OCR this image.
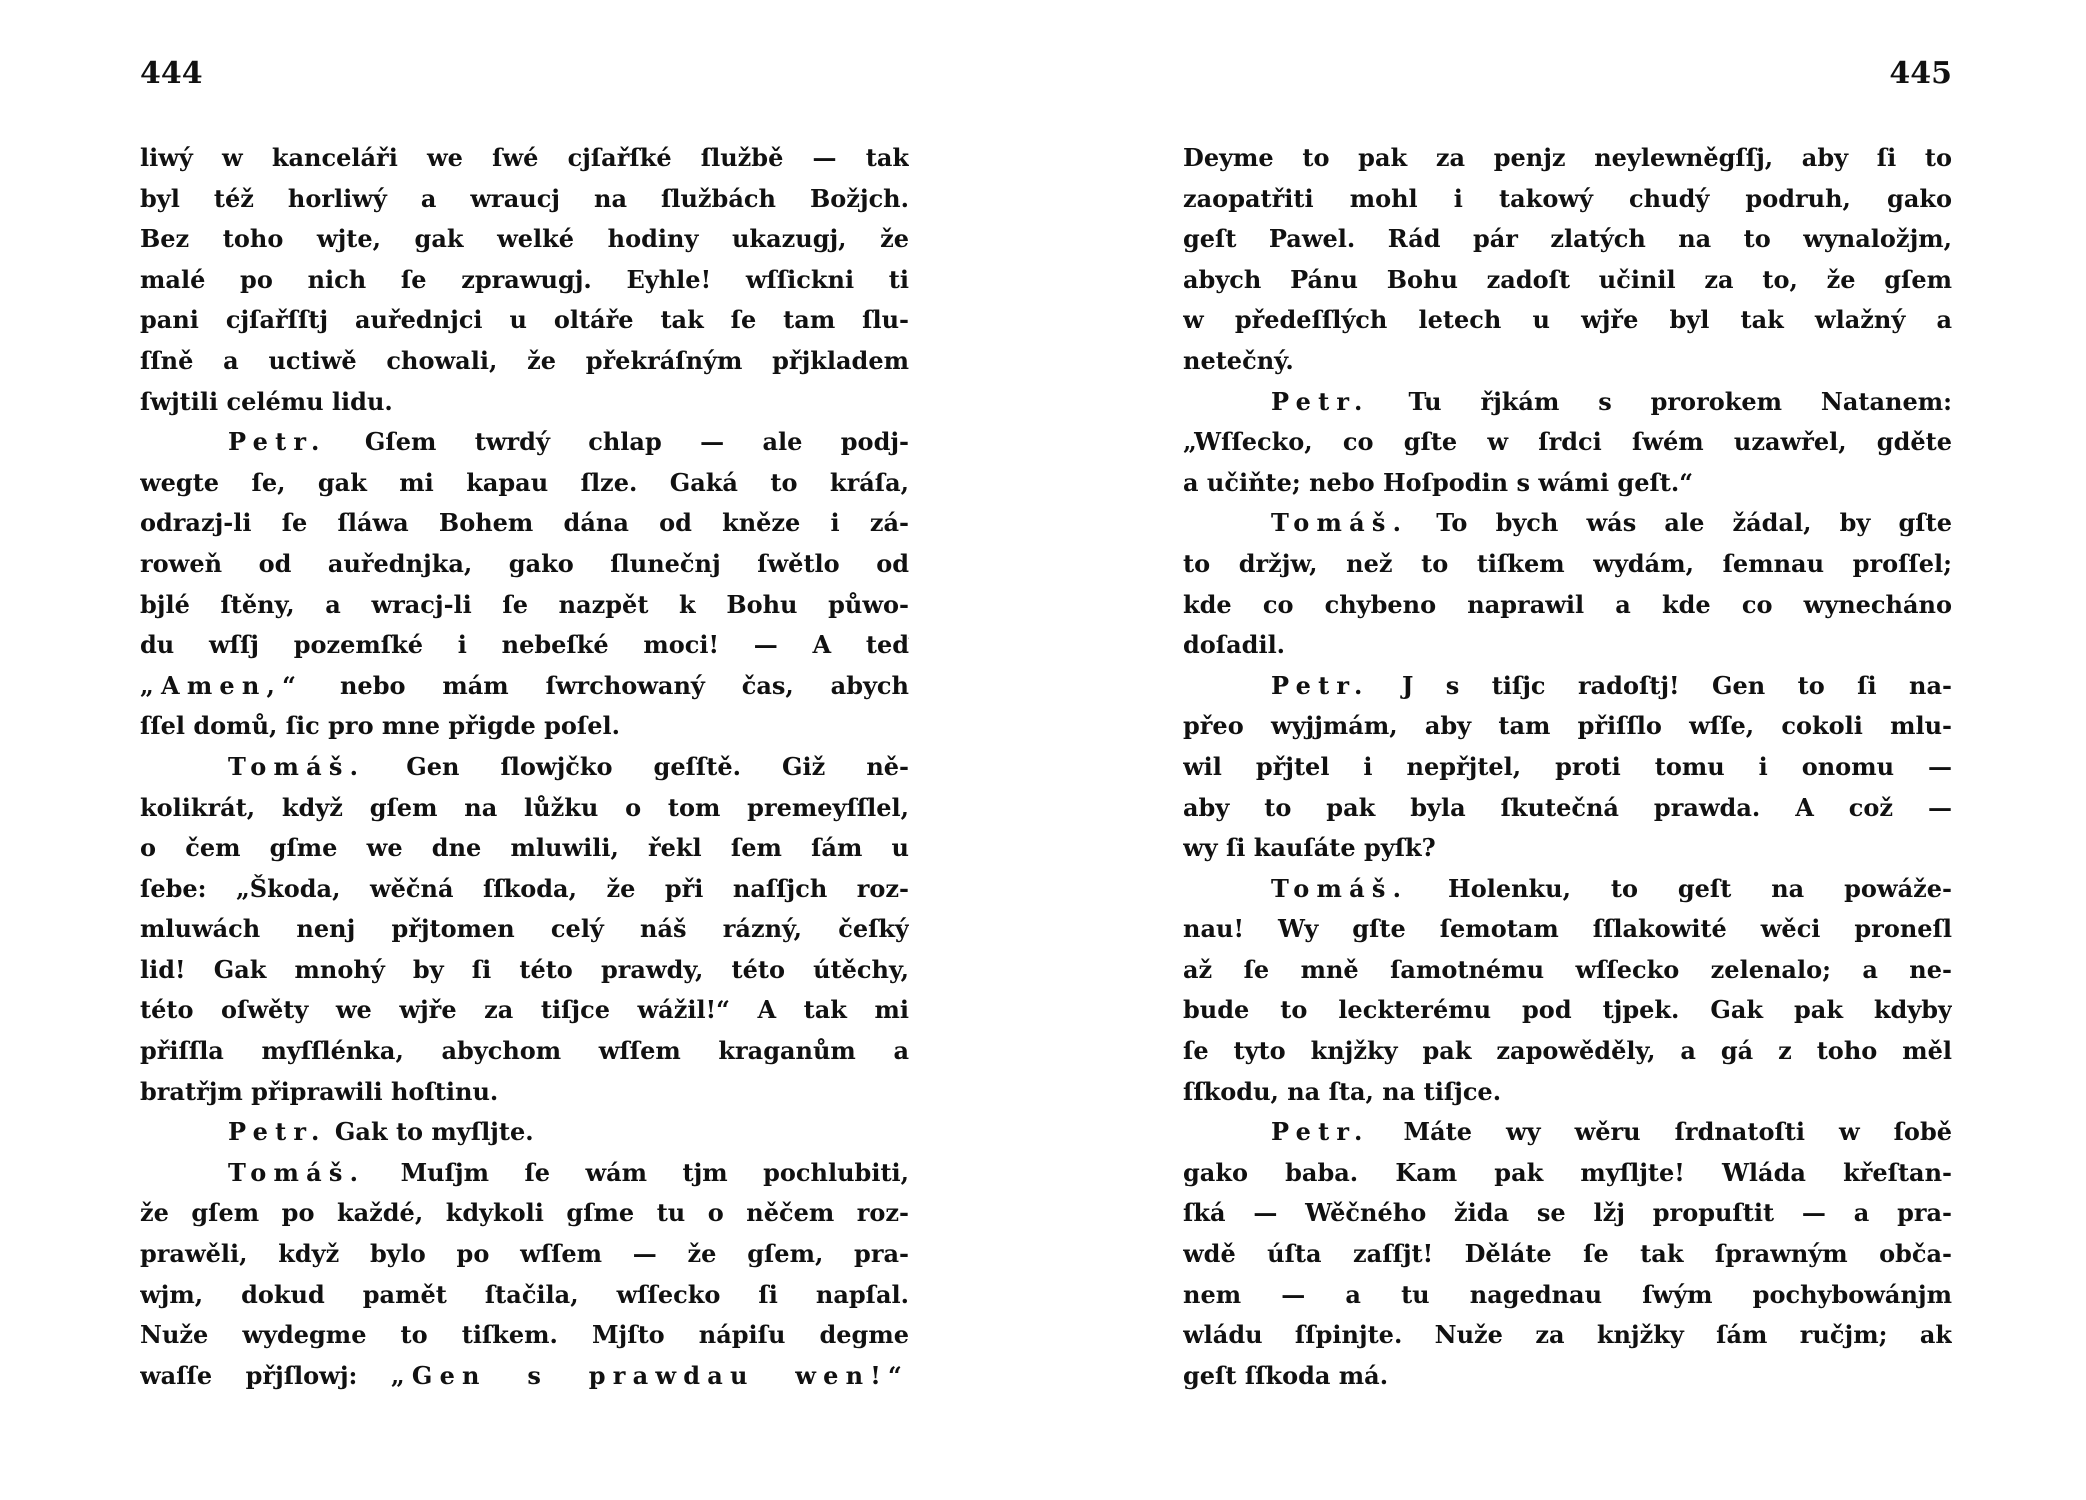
444
liwý w kanceláři we ſwé cjſařſké ſlužbě — tak
byl též horliwý a wraucj na ſlužbách Božjch.
Bez toho wjte, gak welké hodiny ukazugj, že
malé po nich ſe zprawugj. Eyhle! wſſickni ti
pani cjſařſſtj auřednjci u oltáře tak ſe tam ſlu-
ſſně a uctiwě chowali, že překráſným přjkladem
ſwjtili celému lidu.
Petr. Gſem twrdý chlap — ale podj-
wegte ſe, gak mi kapau ſlze. Gaká to kráſa,
odrazj-li ſe ſláwa Bohem dána od kněze i zá-
roweň od auřednjka, gako ſlunečnj ſwětlo od
bjlé ſtěny, a wracj-li ſe nazpět k Bohu půwo-
du wſſj pozemſké i nebeſké moci! — A teď
„Amen,“ nebo mám ſwrchowaný čas, abych
ſſel domů, ſic pro mne přigde poſel.
Tomáš. Gen ſlowjčko geſſtě. Giž ně-
kolikrát, když gſem na lůžku o tom premeyſſlel,
o čem gſme we dne mluwili, řekl ſem ſám u
ſebe: „Škoda, wěčná ſſkoda, že při naſſjch roz-
mluwách nenj přjtomen celý náš rázný, čeſký
lid! Gak mnohý by ſi této prawdy, této útěchy,
této oſwěty we wjře za tiſjce wážil!“ A tak mi
přiſſla myſſlénka, abychom wſſem kraganům a
bratřjm připrawili hoſtinu.
Petr. Gak to myſljte.
Tomáš. Muſjm ſe wám tjm pochlubiti,
že gſem po každé, kdykoli gſme tu o něčem roz-
prawěli, když bylo po wſſem — že gſem, pra-
wjm, dokud pamět ſtačila, wſſecko ſi napſal.
Nuže wydegme to tiſkem. Mjſto nápiſu degme
waſſe přjſlowj: „Gen s prawdau wen!“
445
Deyme to pak za penjz neylewněgſſj, aby ſi to
zaopatřiti mohl i takowý chudý podruh, gako
geſt Pawel. Rád pár zlatých na to wynaložjm,
abych Pánu Bohu zadoſt učinil za to, že gſem
w předeſſlých letech u wjře byl tak wlažný a
netečný.
Petr. Tu řjkám s prorokem Natanem:
„Wſſecko, co gſte w ſrdci ſwém uzawřel, gděte
a učiňte; nebo Hoſpodin s wámi geſt.“
Tomáš. To bych wás ale žádal, by gſte
to držjw, než to tiſkem wydám, ſemnau proſſel;
kde co chybeno naprawil a kde co wynecháno
doſadil.
Petr. J s tiſjc radoſtj! Gen to ſi na-
přeo wyjjmám, aby tam přiſſlo wſſe, cokoli mlu-
wil přjtel i nepřjtel, proti tomu i onomu —
aby to pak byla ſkutečná prawda. A což —
wy ſi kauſáte pyſk?
Tomáš. Holenku, to geſt na powáže-
nau! Wy gſte ſemotam ſſlakowité wěci proneſl
až ſe mně ſamotnému wſſecko zelenalo; a ne-
bude to leckterému pod tjpek. Gak pak kdyby
ſe tyto knjžky pak zapowěděly, a gá z toho měl
ſſkodu, na ſta, na tiſjce.
Petr. Máte wy wěru ſrdnatoſti w ſobě
gako baba. Kam pak myſljte! Wláda křeſtan-
ſká — Wěčného žida se lžj propuſtit — a pra-
wdě úſta zaſſjt! Děláte ſe tak ſprawným obča-
nem — a tu nagednau ſwým pochybowánjm
wládu ſſpinjte. Nuže za knjžky ſám ručjm; ak
geſt ſſkoda má.
